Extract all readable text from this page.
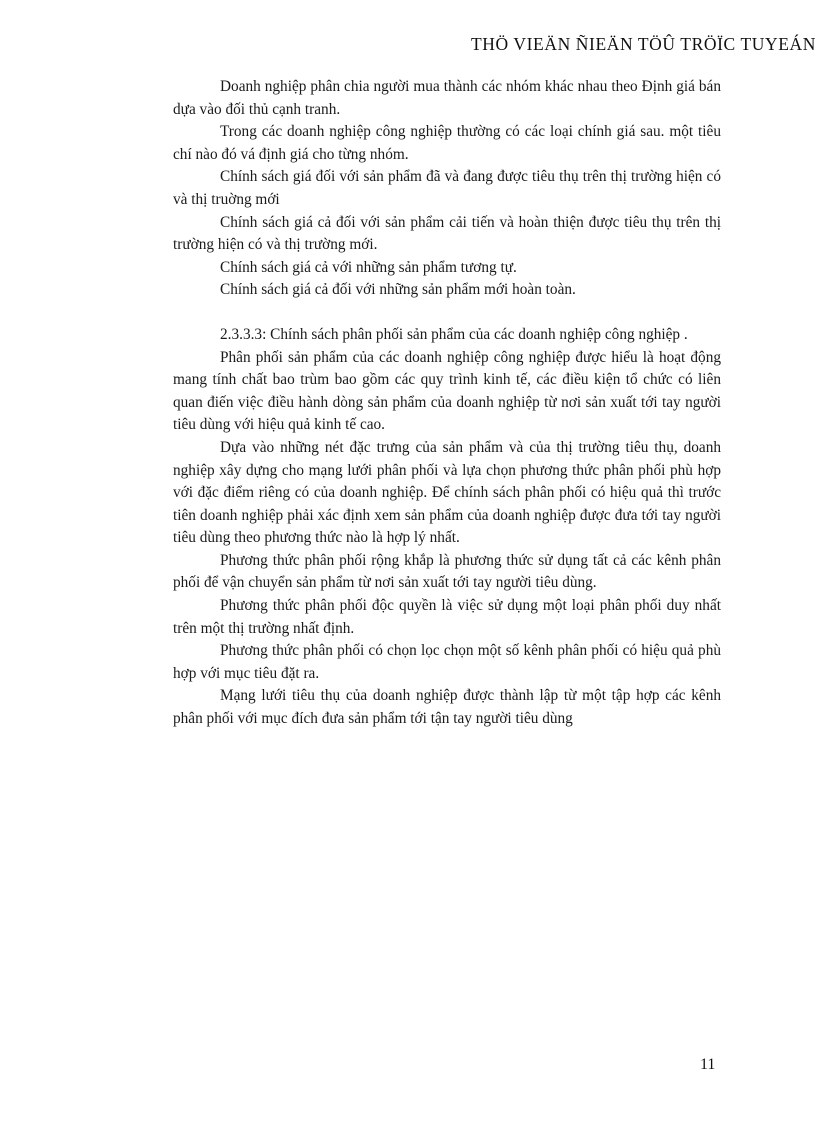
THÖ VIEÄN ÑIEÄN TÖÛ TRÖÏC TUYEÁN

Doanh nghiệp phân chia người mua thành các nhóm khác nhau theo Định giá bán dựa vào đối thủ cạnh tranh.

Trong các doanh nghiệp công nghiệp thường có các loại chính giá sau. một tiêu chí nào đó vá định giá cho từng nhóm.

Chính sách giá đối với sản phẩm đã và đang được tiêu thụ trên thị trường hiện có và thị truờng mới

Chính sách giá cả đối với sản phẩm cải tiến và hoàn thiện được tiêu thụ trên thị trường hiện có và thị trường mới.

Chính sách giá cả với những sản phẩm tương tự.

Chính sách giá cả đối với những sản phẩm mới hoàn toàn.

2.3.3.3: Chính sách phân phối sản phẩm của các doanh nghiệp công nghiệp .

Phân phối sản phẩm của các doanh nghiệp công nghiệp được hiểu là hoạt động mang tính chất bao trùm bao gồm các quy trình kinh tế, các điều kiện tổ chức có liên quan điến việc điều hành dòng sản phẩm của doanh nghiệp từ nơi sản xuất tới tay người tiêu dùng với hiệu quả kinh tế cao.

Dựa vào những nét đặc trưng của sản phẩm và của thị trường tiêu thụ, doanh nghiệp xây dựng cho mạng lưới phân phối và lựa chọn phương thức phân phối phù hợp với đặc điểm riêng có của doanh nghiệp. Để chính sách phân phối có hiệu quả thì trước tiên doanh nghiệp phải xác định xem sản phẩm của doanh nghiệp được đưa tới tay người tiêu dùng theo phương thức nào là hợp lý nhất.

Phương thức phân phối rộng khắp là phương thức sử dụng tất cả các kênh phân phối để vận chuyển sản phẩm từ nơi sản xuất tới tay người tiêu dùng.

Phương thức phân phối độc quyền là việc sử dụng một loại phân phối duy nhất trên một thị trường nhất định.

Phương thức phân phối có chọn lọc chọn một số kênh phân phối có hiệu quả phù hợp với mục tiêu đặt ra.

Mạng lưới tiêu thụ của doanh nghiệp được thành lập từ một tập hợp các kênh phân phối với mục đích đưa sản phẩm tới tận tay người tiêu dùng

11
